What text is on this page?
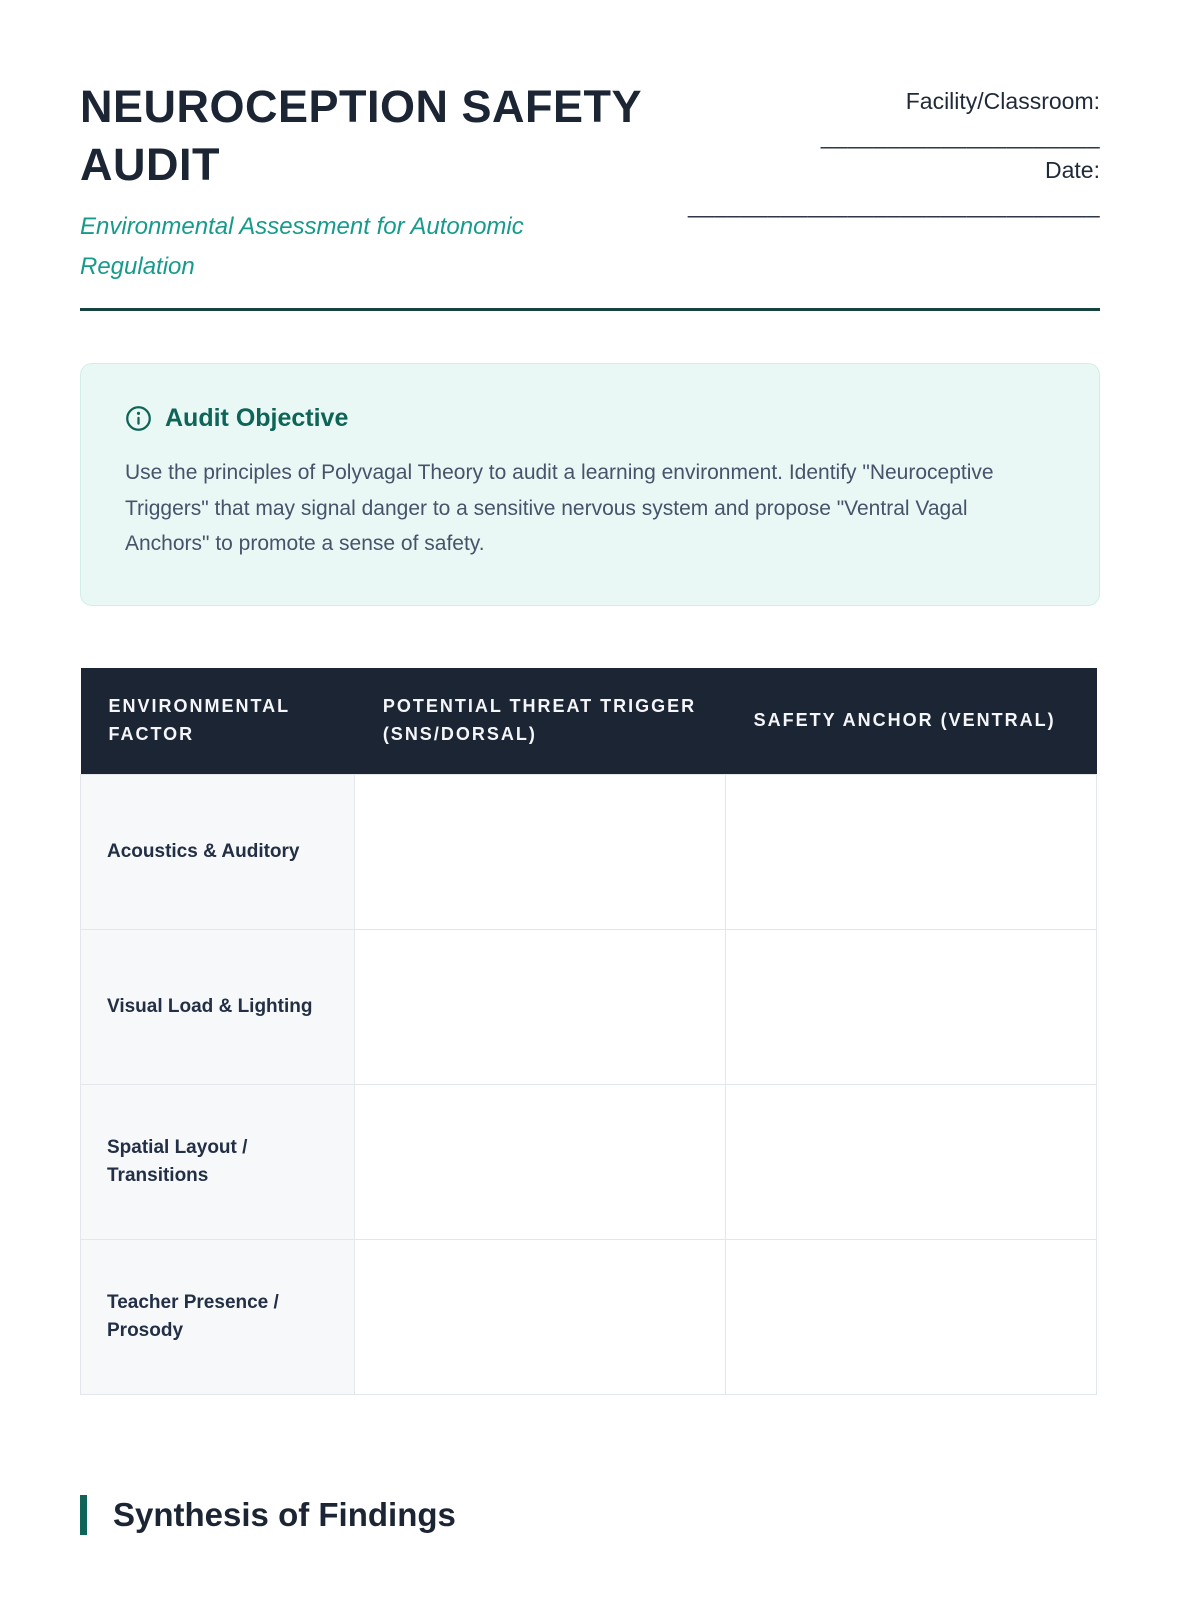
NEUROCEPTION SAFETY
AUDIT
Environmental Assessment for Autonomic Regulation
Facility/Classroom:
_____________________
Date:
_______________________________
Audit Objective

Use the principles of Polyvagal Theory to audit a learning environment. Identify "Neuroceptive Triggers" that may signal danger to a sensitive nervous system and propose "Ventral Vagal Anchors" to promote a sense of safety.

ENVIRONMENTAL FACTOR	POTENTIAL THREAT TRIGGER (SNS/DORSAL)	SAFETY ANCHOR (VENTRAL)
Acoustics & Auditory		
Visual Load & Lighting		
Spatial Layout / Transitions		
Teacher Presence / Prosody		
Synthesis of Findings
